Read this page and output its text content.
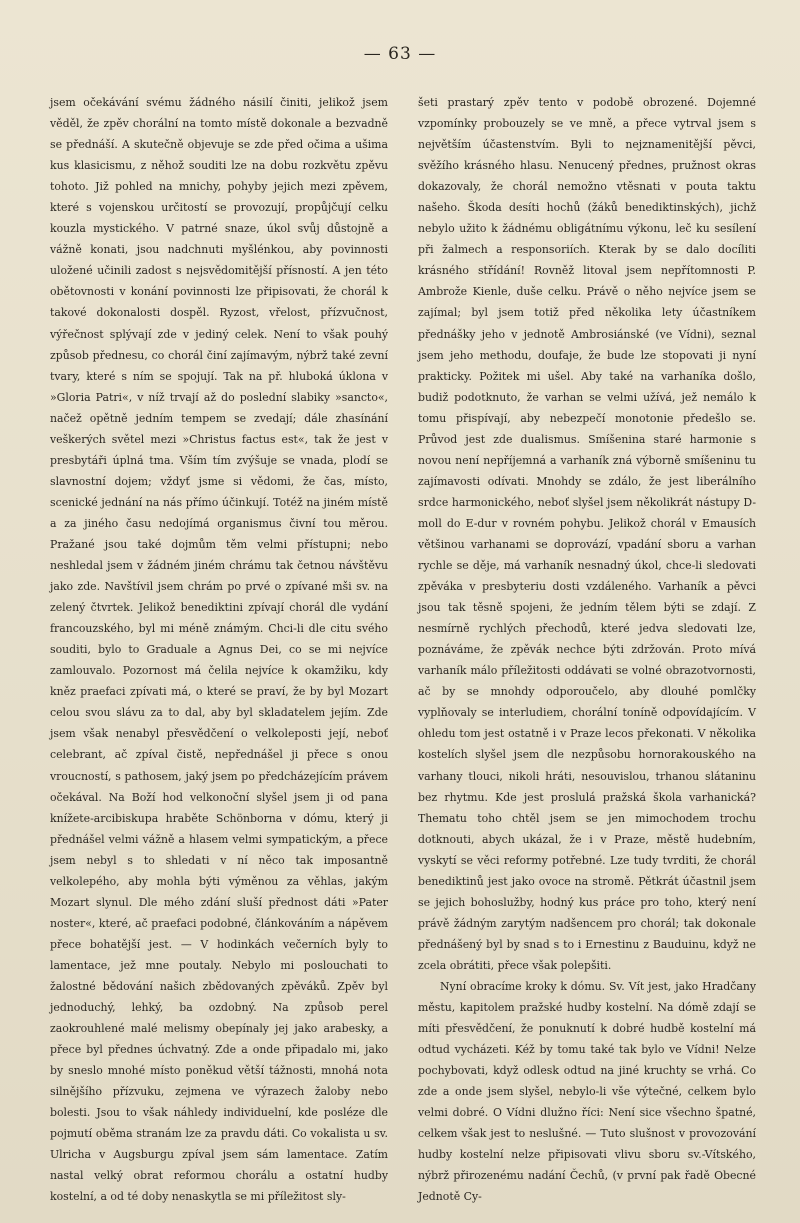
— 63 —

jsem očekávání svému žádného násilí činiti, jelikož jsem věděl, že zpěv chorální na tomto místě dokonale a bezvadně se přednáší. A skutečně objevuje se zde před očima a ušima kus klasicismu, z něhož souditi lze na dobu rozkvětu zpěvu tohoto. Již pohled na mnichy, pohyby jejich mezi zpěvem, které s vojenskou určitostí se provozují, propůjčují celku kouzla mystického. V patrné snaze, úkol svůj důstojně a vážně konati, jsou nadchnuti myšlénkou, aby povinnosti uložené učinili zadost s nejsvědomitější přísností. A jen této obětovnosti v konání povinnosti lze připisovati, že chorál k takové dokonalosti dospěl. Ryzost, vřelost, přízvučnost, výřečnost splývají zde v jediný celek. Není to však pouhý způsob přednesu, co chorál činí zajímavým, nýbrž také zevní tvary, které s ním se spojují. Tak na př. hluboká úklona v »Gloria Patri«, v níž trvají až do poslední slabiky »sancto«, načež opětně jedním tempem se zvedají; dále zhasínání veškerých světel mezi »Christus factus est«, tak že jest v presbytáři úplná tma. Vším tím zvýšuje se vnada, plodí se slavnostní dojem; vždyť jsme si vědomi, že čas, místo, scenické jednání na nás přímo účinkují. Totéž na jiném místě a za jiného času nedojímá organismus čivní tou měrou. Pražané jsou také dojmům těm velmi přístupni; nebo neshledal jsem v žádném jiném chrámu tak četnou návštěvu jako zde. Navštívil jsem chrám po prvé o zpívané mši sv. na zelený čtvrtek. Jelikož benediktini zpívají chorál dle vydání francouzského, byl mi méně známým. Chci-li dle citu svého souditi, bylo to Graduale a Agnus Dei, co se mi nejvíce zamlouvalo. Pozornost má čelila nejvíce k okamžiku, kdy kněz praefaci zpívati má, o které se praví, že by byl Mozart celou svou slávu za to dal, aby byl skladatelem jejím. Zde jsem však nenabyl přesvědčení o velkoleposti její, neboť celebrant, ač zpíval čistě, nepřednášel ji přece s onou vroucností, s pathosem, jaký jsem po předcházejícím právem očekával. Na Boží hod velkonoční slyšel jsem ji od pana knížete-arcibiskupa hraběte Schönborna v dómu, který ji přednášel velmi vážně a hlasem velmi sympatickým, a přece jsem nebyl s to shledati v ní něco tak imposantně velkolepého, aby mohla býti výměnou za věhlas, jakým Mozart slynul. Dle mého zdání sluší přednost dáti »Pater noster«, které, ač praefaci podobné, článkováním a nápěvem přece bohatější jest. — V hodinkách večerních byly to lamentace, jež mne poutaly. Nebylo mi poslouchati to žalostné bědování našich zbědovaných zpěváků. Zpěv byl jednoduchý, lehký, ba ozdobný. Na způsob perel zaokrouhlené malé melismy obepínaly jej jako arabesky, a přece byl přednes úchvatný. Zde a onde připadalo mi, jako by sneslo mnohé místo poněkud větší tážnosti, mnohá nota silnějšího přízvuku, zejmena ve výrazech žaloby nebo bolesti. Jsou to však náhledy individuelní, kde posléze dle pojmutí oběma stranám lze za pravdu dáti. Co vokalista u sv. Ulricha v Augsburgu zpíval jsem sám lamentace. Zatím nastal velký obrat reformou chorálu a ostatní hudby kostelní, a od té doby nenaskytla se mi příležitost sly-

šeti prastarý zpěv tento v podobě obrozené. Dojemné vzpomínky probouzely se ve mně, a přece vytrval jsem s největším účastenstvím. Byli to nejznamenitější pěvci, svěžího krásného hlasu. Nenucený přednes, pružnost okras dokazovaly, že chorál nemožno vtěsnati v pouta taktu našeho. Škoda desíti hochů (žáků benediktinských), jichž nebylo užito k žádnému obligátnímu výkonu, leč ku sesílení při žalmech a responsoriích. Kterak by se dalo docíliti krásného střídání! Rovněž litoval jsem nepřítomnosti P. Ambrože Kienle, duše celku. Právě o něho nejvíce jsem se zajímal; byl jsem totiž před několika lety účastníkem přednášky jeho v jednotě Ambrosiánské (ve Vídni), seznal jsem jeho methodu, doufaje, že bude lze stopovati ji nyní prakticky. Požitek mi ušel. Aby také na varhaníka došlo, budiž podotknuto, že varhan se velmi užívá, jež nemálo k tomu přispívají, aby nebezpečí monotonie předešlo se. Průvod jest zde dualismus. Smíšenina staré harmonie s novou není nepříjemná a varhaník zná výborně smíšeninu tu zajímavosti odívati. Mnohdy se zdálo, že jest liberálního srdce harmonického, neboť slyšel jsem několikrát nástupy D-moll do E-dur v rovném pohybu. Jelikož chorál v Emausích většinou varhanami se doprovází, vpadání sboru a varhan rychle se děje, má varhaník nesnadný úkol, chce-li sledovati zpěváka v presbyteriu dosti vzdáleného. Varhaník a pěvci jsou tak těsně spojeni, že jedním tělem býti se zdají. Z nesmírně rychlých přechodů, které jedva sledovati lze, poznáváme, že zpěvák nechce býti zdržován. Proto mívá varhaník málo příležitosti oddávati se volné obrazotvornosti, ač by se mnohdy odporoučelo, aby dlouhé pomlčky vyplňovaly se interludiem, chorální toníně odpovídajícím. V ohledu tom jest ostatně i v Praze lecos překonati. V několika kostelích slyšel jsem dle nezpůsobu hornorakouského na varhany tlouci, nikoli hráti, nesouvislou, trhanou slátaninu bez rhytmu. Kde jest proslulá pražská škola varhanická? Thematu toho chtěl jsem se jen mimochodem trochu dotknouti, abych ukázal, že i v Praze, městě hudebním, vyskytí se věci reformy potřebné. Lze tudy tvrditi, že chorál benediktinů jest jako ovoce na stromě. Pětkrát účastnil jsem se jejich bohoslužby, hodný kus práce pro toho, který není právě žádným zarytým nadšencem pro chorál; tak dokonale přednášený byl by snad s to i Ernestinu z Bauduinu, když ne zcela obrátiti, přece však polepšiti.

Nyní obracíme kroky k dómu. Sv. Vít jest, jako Hradčany městu, kapitolem pražské hudby kostelní. Na dómě zdají se míti přesvědčení, že ponuknutí k dobré hudbě kostelní má odtud vycházeti. Kéž by tomu také tak bylo ve Vídni! Nelze pochybovati, když odlesk odtud na jiné kruchty se vrhá. Co zde a onde jsem slyšel, nebylo-li vše výtečné, celkem bylo velmi dobré. O Vídni dlužno říci: Není sice všechno špatné, celkem však jest to neslušné. — Tuto slušnost v provozování hudby kostelní nelze připisovati vlivu sboru sv.-Vítského, nýbrž přirozenému nadání Čechů, (v první pak řadě Obecné Jednotě Cy-
